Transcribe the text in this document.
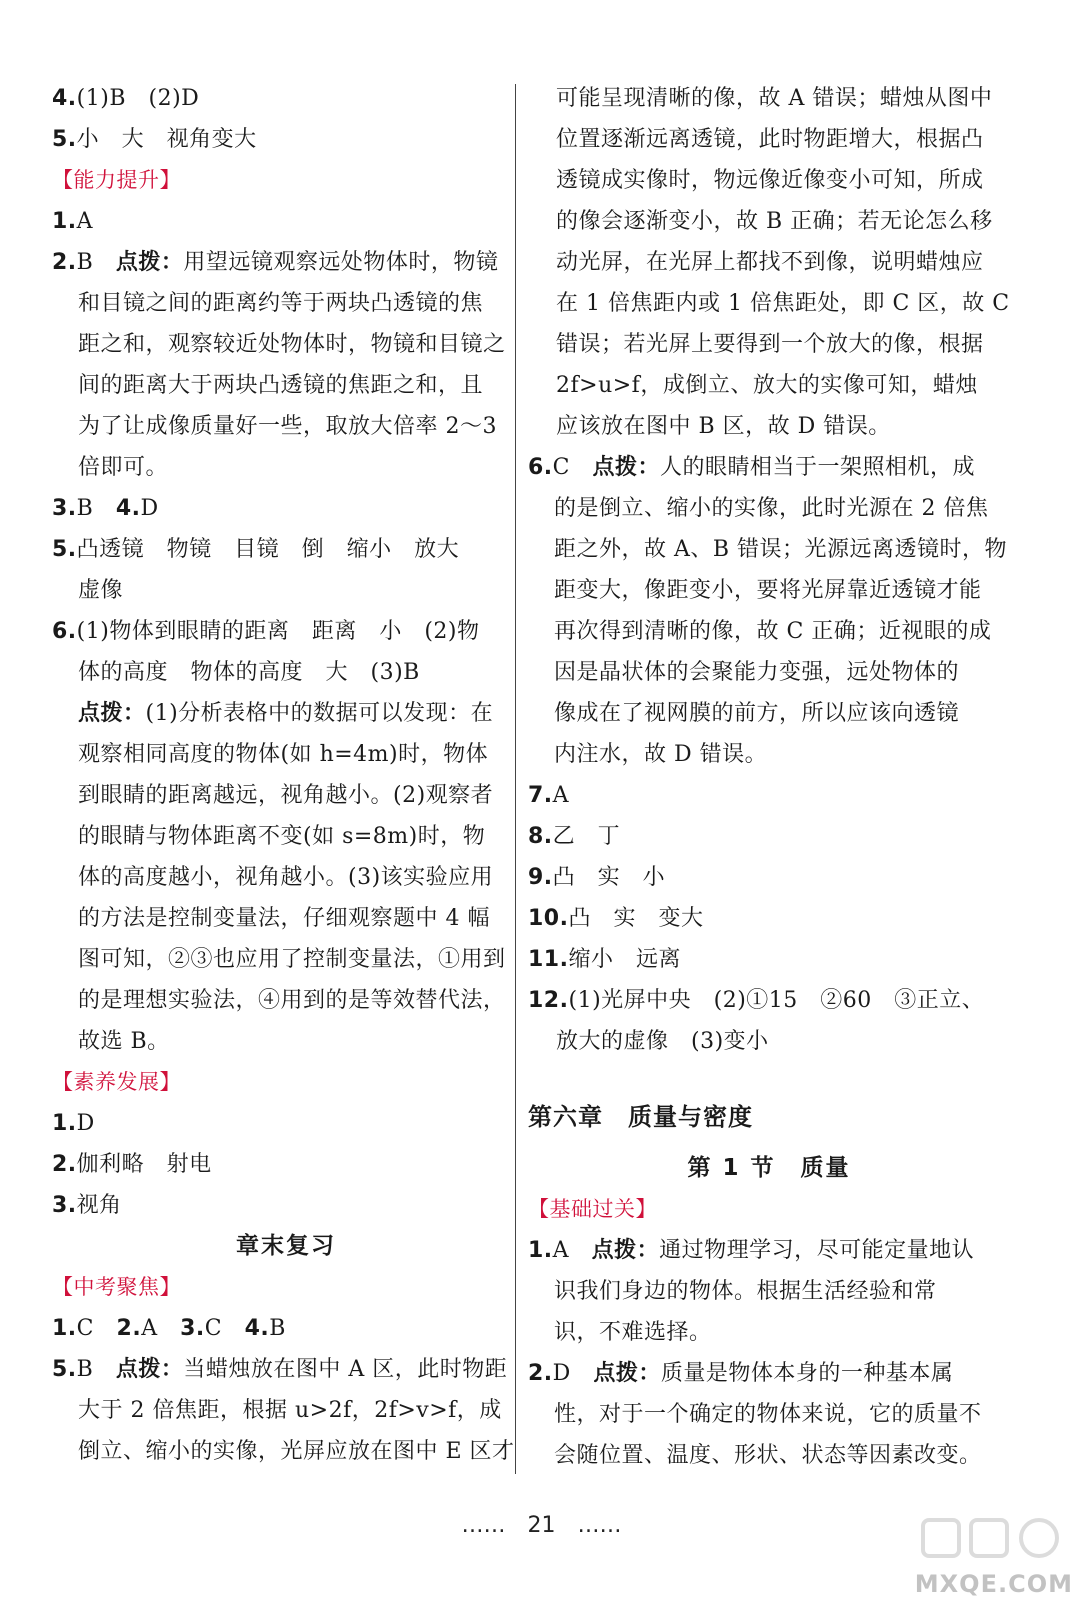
4.(1)B　(2)D
5.小　大　视角变大
【能力提升】
1.A
2.B　点拨：用望远镜观察远处物体时，物镜
和目镜之间的距离约等于两块凸透镜的焦
距之和，观察较近处物体时，物镜和目镜之
间的距离大于两块凸透镜的焦距之和，且
为了让成像质量好一些，取放大倍率 2～3
倍即可。
3.B　4.D
5.凸透镜　物镜　目镜　倒　缩小　放大
虚像
6.(1)物体到眼睛的距离　距离　小　(2)物
体的高度　物体的高度　大　(3)B
点拨：(1)分析表格中的数据可以发现：在
观察相同高度的物体(如 h=4m)时，物体
到眼睛的距离越远，视角越小。(2)观察者
的眼睛与物体距离不变(如 s=8m)时，物
体的高度越小，视角越小。(3)该实验应用
的方法是控制变量法，仔细观察题中 4 幅
图可知，②③也应用了控制变量法，①用到
的是理想实验法，④用到的是等效替代法，
故选 B。
【素养发展】
1.D
2.伽利略　射电
3.视角
章末复习
【中考聚焦】
1.C　2.A　3.C　4.B
5.B　点拨：当蜡烛放在图中 A 区，此时物距
大于 2 倍焦距，根据 u>2f，2f>v>f，成
倒立、缩小的实像，光屏应放在图中 E 区才
可能呈现清晰的像，故 A 错误；蜡烛从图中
位置逐渐远离透镜，此时物距增大，根据凸
透镜成实像时，物远像近像变小可知，所成
的像会逐渐变小，故 B 正确；若无论怎么移
动光屏，在光屏上都找不到像，说明蜡烛应
在 1 倍焦距内或 1 倍焦距处，即 C 区，故 C
错误；若光屏上要得到一个放大的像，根据
2f>u>f，成倒立、放大的实像可知，蜡烛
应该放在图中 B 区，故 D 错误。
6.C　点拨：人的眼睛相当于一架照相机，成
的是倒立、缩小的实像，此时光源在 2 倍焦
距之外，故 A、B 错误；光源远离透镜时，物
距变大，像距变小，要将光屏靠近透镜才能
再次得到清晰的像，故 C 正确；近视眼的成
因是晶状体的会聚能力变强，远处物体的
像成在了视网膜的前方，所以应该向透镜
内注水，故 D 错误。
7.A
8.乙　丁
9.凸　实　小
10.凸　实　变大
11.缩小　远离
12.(1)光屏中央　(2)①15　②60　③正立、
放大的虚像　(3)变小
第六章　质量与密度
第 1 节　质量
【基础过关】
1.A　点拨：通过物理学习，尽可能定量地认
识我们身边的物体。根据生活经验和常
识，不难选择。
2.D　点拨：质量是物体本身的一种基本属
性，对于一个确定的物体来说，它的质量不
会随位置、温度、形状、状态等因素改变。
……　21　……
MXQE.COM
